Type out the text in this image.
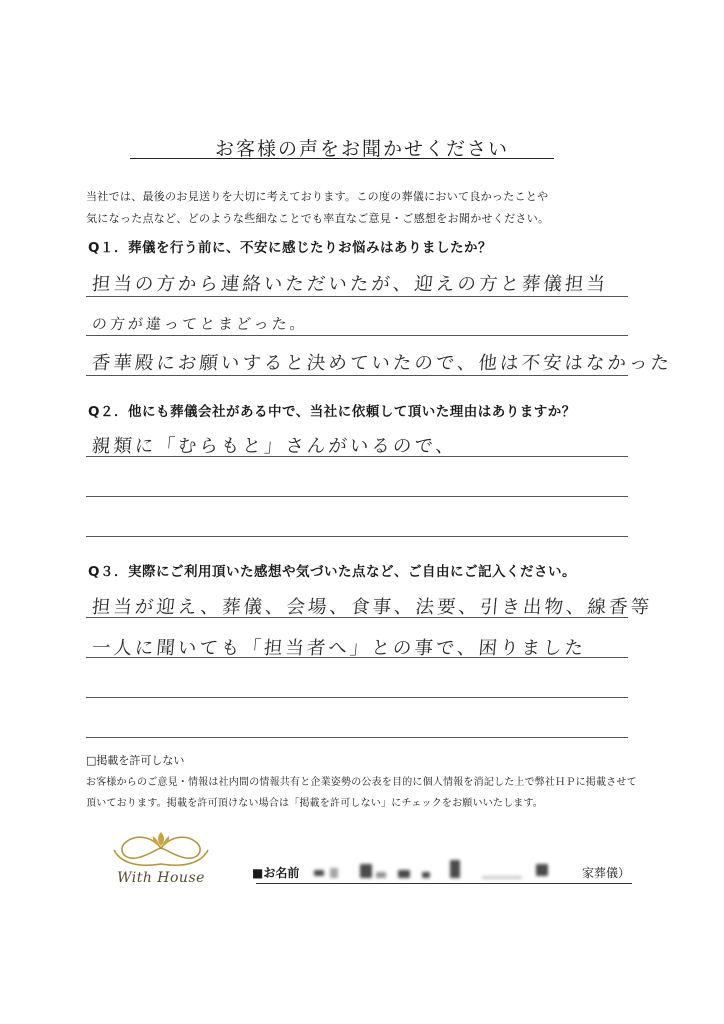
お客様の声をお聞かせください
当社では、最後のお見送りを大切に考えております。この度の葬儀において良かったことや
気になった点など、どのような些細なことでも率直なご意見・ご感想をお聞かせください。
Q１．葬儀を行う前に、不安に感じたりお悩みはありましたか？
担当の方から連絡いただいたが、迎えの方と葬儀担当
の方が違ってとまどった。
香華殿にお願いすると決めていたので、他は不安はなかった
Q２．他にも葬儀会社がある中で、当社に依頼して頂いた理由はありますか？
親類に「むらもと」さんがいるので、
Q３．実際にご利用頂いた感想や気づいた点など、ご自由にご記入ください。
担当が迎え、葬儀、会場、食事、法要、引き出物、線香等
一人に聞いても「担当者へ」との事で、困りました
□掲載を許可しない
お客様からのご意見・情報は社内間の情報共有と企業姿勢の公表を目的に個人情報を消記した上で弊社ＨＰに掲載させて
頂いております。掲載を許可頂けない場合は「掲載を許可しない」にチェックをお願いいたします。
With House	■お名前	家葬儀）
